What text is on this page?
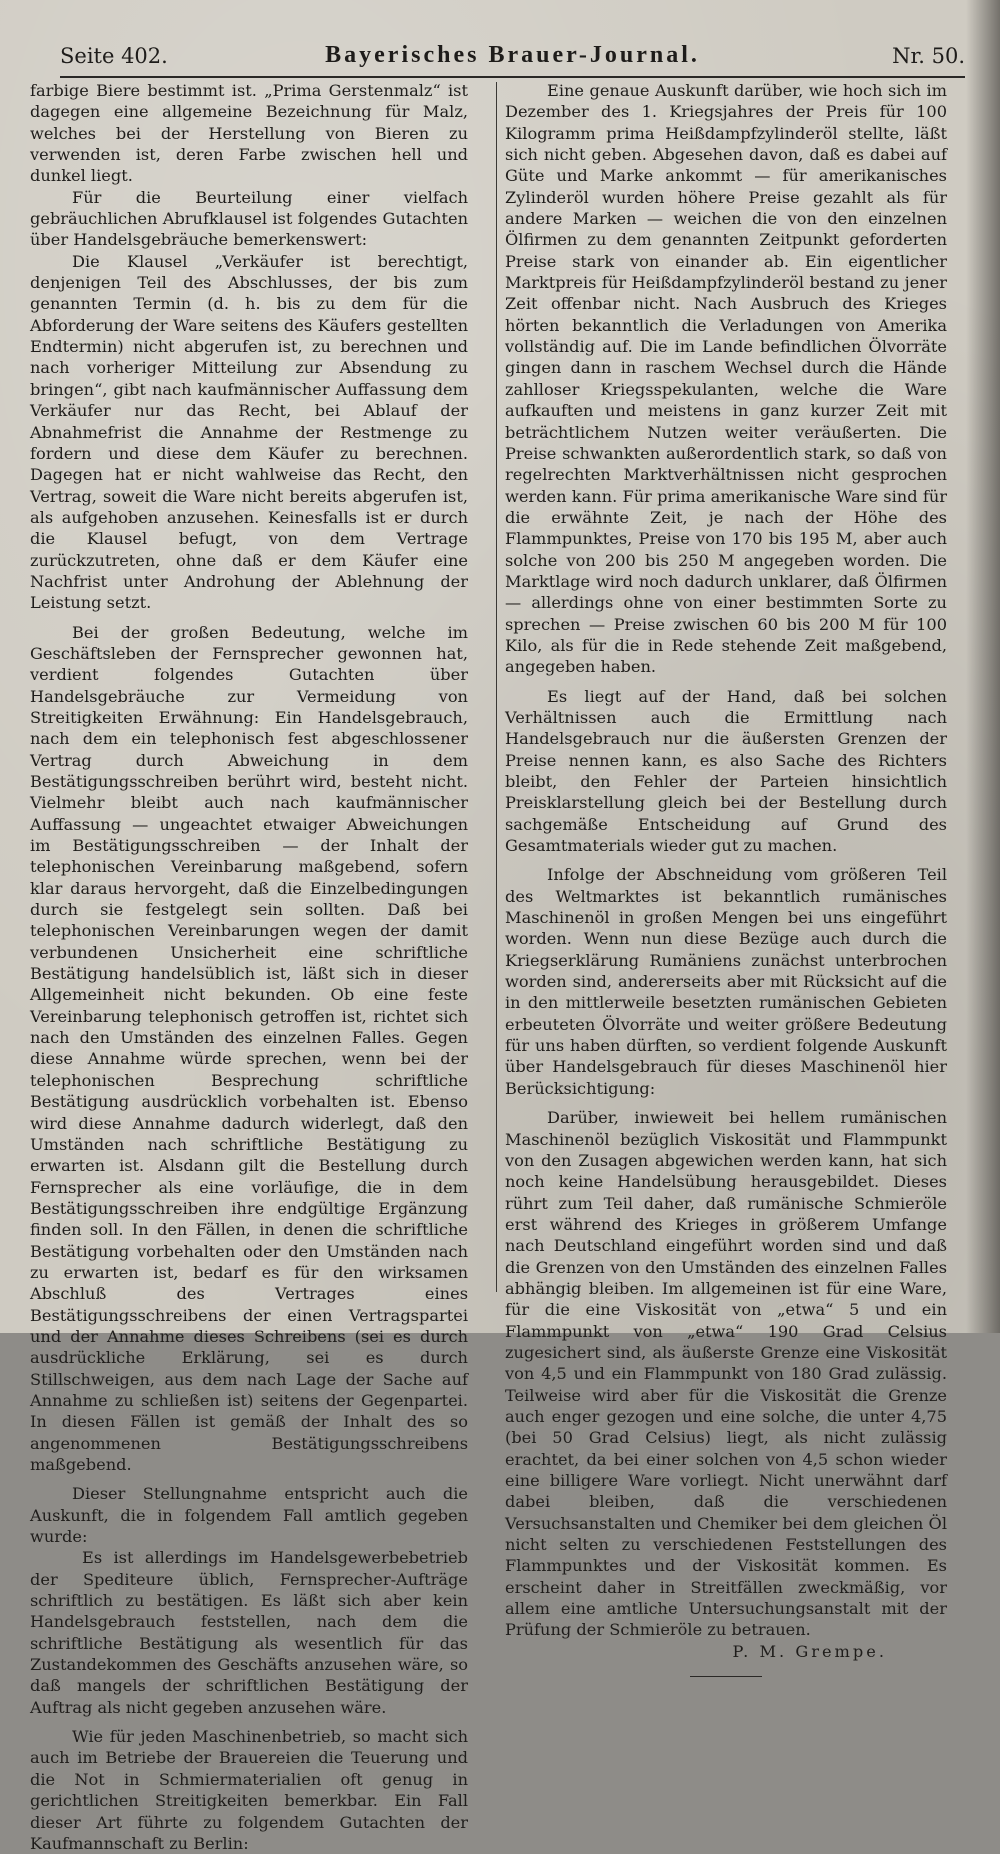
Seite 402.	Bayerisches Brauer-Journal.	Nr. 50.

farbige Biere bestimmt ist. „Prima Gerstenmalz“ ist dagegen eine allgemeine Bezeichnung für Malz, welches bei der Herstellung von Bieren zu verwenden ist, deren Farbe zwischen hell und dunkel liegt.

Für die Beurteilung einer vielfach gebräuchlichen Abrufklausel ist folgendes Gutachten über Handelsgebräuche bemerkenswert:

Die Klausel „Verkäufer ist berechtigt, denjenigen Teil des Abschlusses, der bis zum genannten Termin (d. h. bis zu dem für die Abforderung der Ware seitens des Käufers gestellten Endtermin) nicht abgerufen ist, zu berechnen und nach vorheriger Mitteilung zur Absendung zu bringen“, gibt nach kaufmännischer Auffassung dem Verkäufer nur das Recht, bei Ablauf der Abnahmefrist die Annahme der Restmenge zu fordern und diese dem Käufer zu berechnen. Dagegen hat er nicht wahlweise das Recht, den Vertrag, soweit die Ware nicht bereits abgerufen ist, als aufgehoben anzusehen. Keinesfalls ist er durch die Klausel befugt, von dem Vertrage zurückzutreten, ohne daß er dem Käufer eine Nachfrist unter Androhung der Ablehnung der Leistung setzt.

Bei der großen Bedeutung, welche im Geschäftsleben der Fernsprecher gewonnen hat, verdient folgendes Gutachten über Handelsgebräuche zur Vermeidung von Streitigkeiten Erwähnung: Ein Handelsgebrauch, nach dem ein telephonisch fest abgeschlossener Vertrag durch Abweichung in dem Bestätigungsschreiben berührt wird, besteht nicht. Vielmehr bleibt auch nach kaufmännischer Auffassung — ungeachtet etwaiger Abweichungen im Bestätigungsschreiben — der Inhalt der telephonischen Vereinbarung maßgebend, sofern klar daraus hervorgeht, daß die Einzelbedingungen durch sie festgelegt sein sollten. Daß bei telephonischen Vereinbarungen wegen der damit verbundenen Unsicherheit eine schriftliche Bestätigung handelsüblich ist, läßt sich in dieser Allgemeinheit nicht bekunden. Ob eine feste Vereinbarung telephonisch getroffen ist, richtet sich nach den Umständen des einzelnen Falles. Gegen diese Annahme würde sprechen, wenn bei der telephonischen Besprechung schriftliche Bestätigung ausdrücklich vorbehalten ist. Ebenso wird diese Annahme dadurch widerlegt, daß den Umständen nach schriftliche Bestätigung zu erwarten ist. Alsdann gilt die Bestellung durch Fernsprecher als eine vorläufige, die in dem Bestätigungsschreiben ihre endgültige Ergänzung finden soll. In den Fällen, in denen die schriftliche Bestätigung vorbehalten oder den Umständen nach zu erwarten ist, bedarf es für den wirksamen Abschluß des Vertrages eines Bestätigungsschreibens der einen Vertragspartei und der Annahme dieses Schreibens (sei es durch ausdrückliche Erklärung, sei es durch Stillschweigen, aus dem nach Lage der Sache auf Annahme zu schließen ist) seitens der Gegenpartei. In diesen Fällen ist gemäß der Inhalt des so angenommenen Bestätigungsschreibens maßgebend.

Dieser Stellungnahme entspricht auch die Auskunft, die in folgendem Fall amtlich gegeben wurde:

Es ist allerdings im Handelsgewerbebetrieb der Spediteure üblich, Fernsprecher-Aufträge schriftlich zu bestätigen. Es läßt sich aber kein Handelsgebrauch feststellen, nach dem die schriftliche Bestätigung als wesentlich für das Zustandekommen des Geschäfts anzusehen wäre, so daß mangels der schriftlichen Bestätigung der Auftrag als nicht gegeben anzusehen wäre.

Wie für jeden Maschinenbetrieb, so macht sich auch im Betriebe der Brauereien die Teuerung und die Not in Schmiermaterialien oft genug in gerichtlichen Streitigkeiten bemerkbar. Ein Fall dieser Art führte zu folgendem Gutachten der Kaufmannschaft zu Berlin:

Eine genaue Auskunft darüber, wie hoch sich im Dezember des 1. Kriegsjahres der Preis für 100 Kilogramm prima Heißdampfzylinderöl stellte, läßt sich nicht geben. Abgesehen davon, daß es dabei auf Güte und Marke ankommt — für amerikanisches Zylinderöl wurden höhere Preise gezahlt als für andere Marken — weichen die von den einzelnen Ölfirmen zu dem genannten Zeitpunkt geforderten Preise stark von einander ab. Ein eigentlicher Marktpreis für Heißdampfzylinderöl bestand zu jener Zeit offenbar nicht. Nach Ausbruch des Krieges hörten bekanntlich die Verladungen von Amerika vollständig auf. Die im Lande befindlichen Ölvorräte gingen dann in raschem Wechsel durch die Hände zahlloser Kriegsspekulanten, welche die Ware aufkauften und meistens in ganz kurzer Zeit mit beträchtlichem Nutzen weiter veräußerten. Die Preise schwankten außerordentlich stark, so daß von regelrechten Marktverhältnissen nicht gesprochen werden kann. Für prima amerikanische Ware sind für die erwähnte Zeit, je nach der Höhe des Flammpunktes, Preise von 170 bis 195 M, aber auch solche von 200 bis 250 M angegeben worden. Die Marktlage wird noch dadurch unklarer, daß Ölfirmen — allerdings ohne von einer bestimmten Sorte zu sprechen — Preise zwischen 60 bis 200 M für 100 Kilo, als für die in Rede stehende Zeit maßgebend, angegeben haben.

Es liegt auf der Hand, daß bei solchen Verhältnissen auch die Ermittlung nach Handelsgebrauch nur die äußersten Grenzen der Preise nennen kann, es also Sache des Richters bleibt, den Fehler der Parteien hinsichtlich Preisklarstellung gleich bei der Bestellung durch sachgemäße Entscheidung auf Grund des Gesamtmaterials wieder gut zu machen.

Infolge der Abschneidung vom größeren Teil des Weltmarktes ist bekanntlich rumänisches Maschinenöl in großen Mengen bei uns eingeführt worden. Wenn nun diese Bezüge auch durch die Kriegserklärung Rumäniens zunächst unterbrochen worden sind, andererseits aber mit Rücksicht auf die in den mittlerweile besetzten rumänischen Gebieten erbeuteten Ölvorräte und weiter größere Bedeutung für uns haben dürften, so verdient folgende Auskunft über Handelsgebrauch für dieses Maschinenöl hier Berücksichtigung:

Darüber, inwieweit bei hellem rumänischen Maschinenöl bezüglich Viskosität und Flammpunkt von den Zusagen abgewichen werden kann, hat sich noch keine Handelsübung herausgebildet. Dieses rührt zum Teil daher, daß rumänische Schmieröle erst während des Krieges in größerem Umfange nach Deutschland eingeführt worden sind und daß die Grenzen von den Umständen des einzelnen Falles abhängig bleiben. Im allgemeinen ist für eine Ware, für die eine Viskosität von „etwa“ 5 und ein Flammpunkt von „etwa“ 190 Grad Celsius zugesichert sind, als äußerste Grenze eine Viskosität von 4,5 und ein Flammpunkt von 180 Grad zulässig. Teilweise wird aber für die Viskosität die Grenze auch enger gezogen und eine solche, die unter 4,75 (bei 50 Grad Celsius) liegt, als nicht zulässig erachtet, da bei einer solchen von 4,5 schon wieder eine billigere Ware vorliegt. Nicht unerwähnt darf dabei bleiben, daß die verschiedenen Versuchsanstalten und Chemiker bei dem gleichen Öl nicht selten zu verschiedenen Feststellungen des Flammpunktes und der Viskosität kommen. Es erscheint daher in Streitfällen zweckmäßig, vor allem eine amtliche Untersuchungsanstalt mit der Prüfung der Schmieröle zu betrauen.

P. M. Grempe.
